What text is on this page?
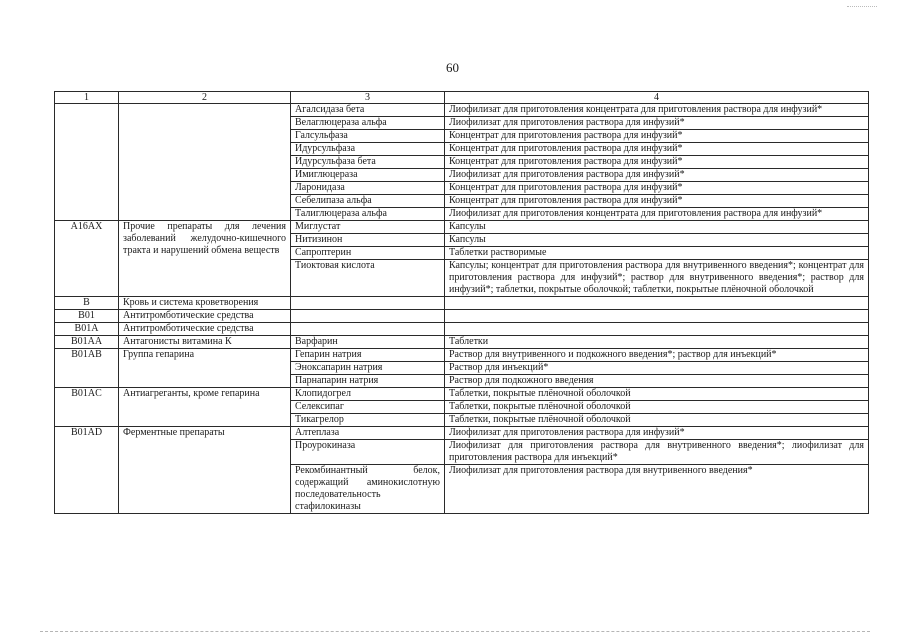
60
1	2	3	4
		Агалсидаза бета	Лиофилизат для приготовления концентрата для приготовления раствора для инфузий*
		Велаглюцераза альфа	Лиофилизат для приготовления раствора для инфузий*
		Галсульфаза	Концентрат для приготовления раствора для инфузий*
		Идурсульфаза	Концентрат для приготовления раствора для инфузий*
		Идурсульфаза бета	Концентрат для приготовления раствора для инфузий*
		Имиглюцераза	Лиофилизат для приготовления раствора для инфузий*
		Ларонидаза	Концентрат для приготовления раствора для инфузий*
		Себелипаза альфа	Концентрат для приготовления раствора для инфузий*
		Талиглюцераза альфа	Лиофилизат для приготовления концентрата для приготовления раствора для инфузий*
A16AX	Прочие препараты для лечения заболеваний желудочно-кишечного тракта и нарушений обмена веществ	Миглустат	Капсулы
		Нитизинон	Капсулы
		Сапроптерин	Таблетки растворимые
		Тиоктовая кислота	Капсулы; концентрат для приготовления раствора для внутривенного введения*; концентрат для приготовления раствора для инфузий*; раствор для внутривенного введения*; раствор для инфузий*; таблетки, покрытые оболочкой; таблетки, покрытые плёночной оболочкой
B	Кровь и система кроветворения		
B01	Антитромботические средства		
B01A	Антитромботические средства		
B01AA	Антагонисты витамина К	Варфарин	Таблетки
B01AB	Группа гепарина	Гепарин натрия	Раствор для внутривенного и подкожного введения*; раствор для инъекций*
		Эноксапарин натрия	Раствор для инъекций*
		Парнапарин натрия	Раствор для подкожного введения
B01AC	Антиагреганты, кроме гепарина	Клопидогрел	Таблетки, покрытые плёночной оболочкой
		Селексипаг	Таблетки, покрытые плёночной оболочкой
		Тикагрелор	Таблетки, покрытые плёночной оболочкой
B01AD	Ферментные препараты	Алтеплаза	Лиофилизат для приготовления раствора для инфузий*
		Проурокиназа	Лиофилизат для приготовления раствора для внутривенного введения*; лиофилизат для приготовления раствора для инъекций*
		Рекомбинантный белок, содержащий аминокислотную последовательность стафилокиназы	Лиофилизат для приготовления раствора для внутривенного введения*
